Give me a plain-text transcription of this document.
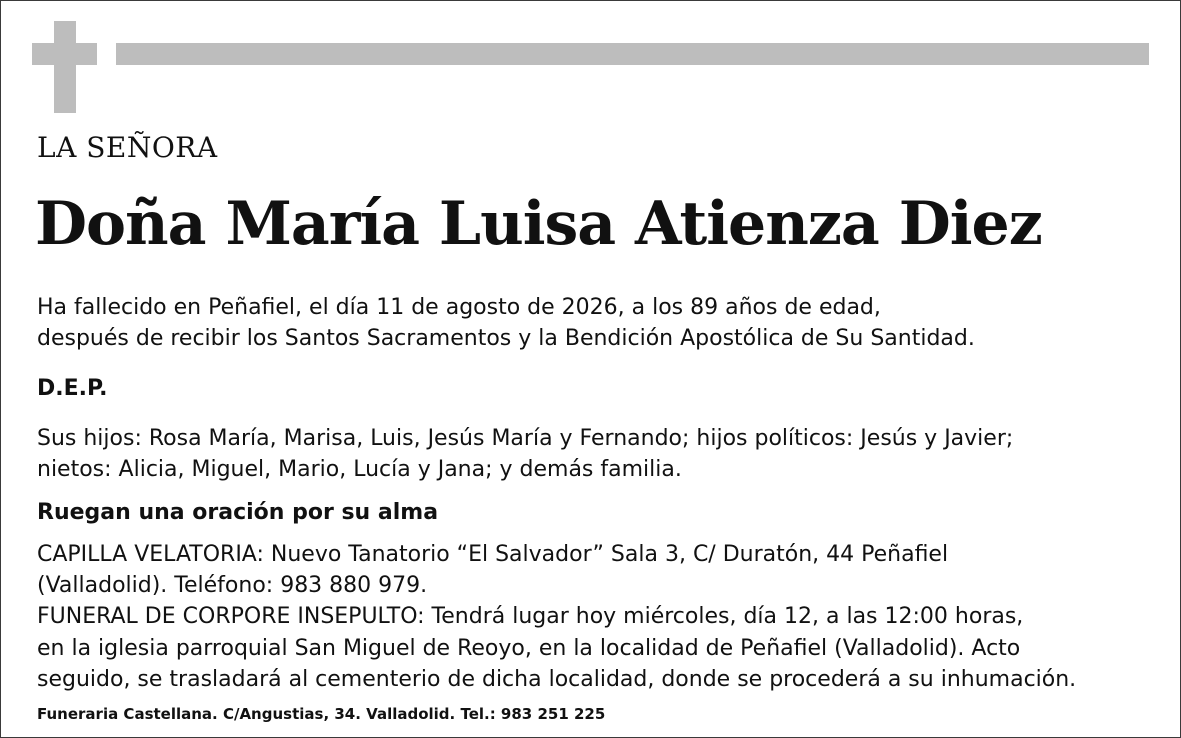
LA SEÑORA
Doña María Luisa Atienza Diez
Ha fallecido en Peñafiel, el día 11 de agosto de 2026, a los 89 años de edad,
después de recibir los Santos Sacramentos y la Bendición Apostólica de Su Santidad.
D.E.P.
Sus hijos: Rosa María, Marisa, Luis, Jesús María y Fernando; hijos políticos: Jesús y Javier;
nietos: Alicia, Miguel, Mario, Lucía y Jana; y demás familia.
Ruegan una oración por su alma
CAPILLA VELATORIA: Nuevo Tanatorio “El Salvador” Sala 3, C/ Duratón, 44 Peñafiel
(Valladolid). Teléfono: 983 880 979.
FUNERAL DE CORPORE INSEPULTO: Tendrá lugar hoy miércoles, día 12, a las 12:00 horas,
en la iglesia parroquial San Miguel de Reoyo, en la localidad de Peñafiel (Valladolid). Acto
seguido, se trasladará al cementerio de dicha localidad, donde se procederá a su inhumación.
Funeraria Castellana. C/Angustias, 34. Valladolid. Tel.: 983 251 225
